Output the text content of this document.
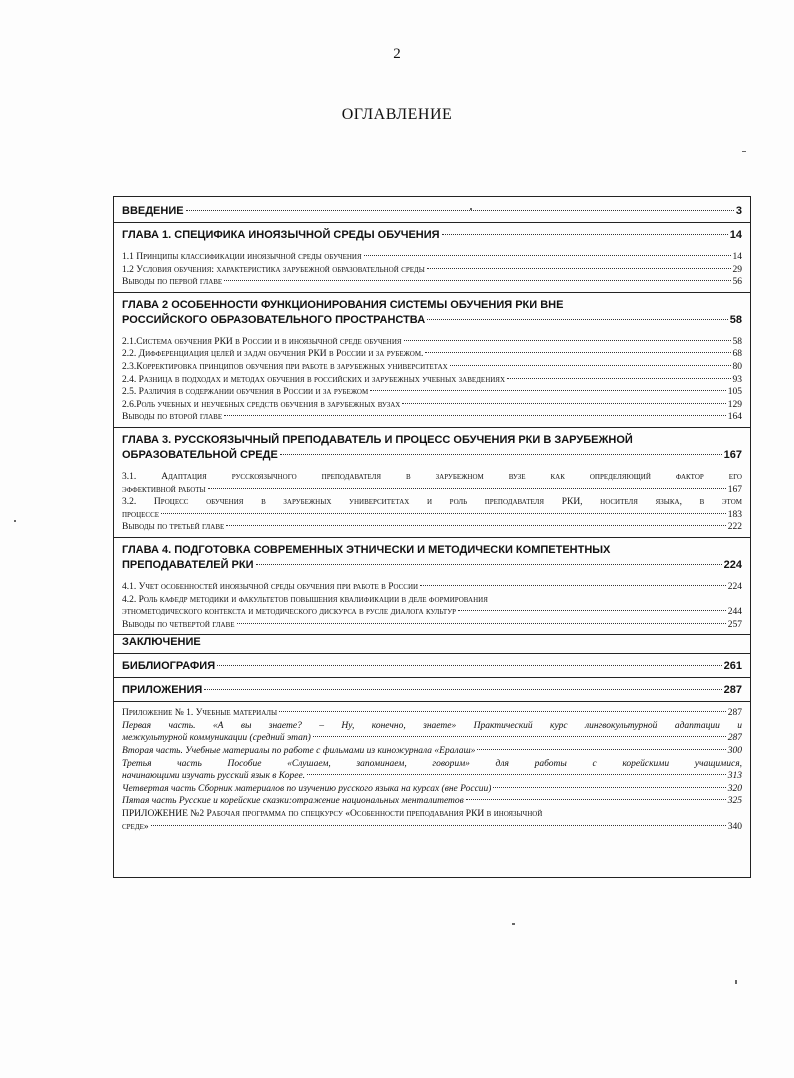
2
ОГЛАВЛЕНИЕ
ВВЕДЕНИЕ	3
ГЛАВА 1. СПЕЦИФИКА ИНОЯЗЫЧНОЙ СРЕДЫ ОБУЧЕНИЯ	14
1.1 Принципы классификации иноязычной среды обучения	14
1.2 Условия обучения: характеристика зарубежной образовательной среды	29
Выводы по первой главе	56
ГЛАВА 2 ОСОБЕННОСТИ ФУНКЦИОНИРОВАНИЯ СИСТЕМЫ ОБУЧЕНИЯ РКИ ВНЕ
РОССИЙСКОГО ОБРАЗОВАТЕЛЬНОГО ПРОСТРАНСТВА	58
2.1.Система обучения РКИ в России и в иноязычной среде обучения	58
2.2. Дифференциация целей и задач обучения РКИ в России и за рубежом.	68
2.3.Корректировка принципов обучения при работе в зарубежных университетах	80
2.4. Разница в подходах и методах обучения в российских и зарубежных учебных заведениях	93
2.5. Различия в содержании обучения в России и за рубежом	105
2.6.Роль учебных и неучебных средств обучения в зарубежных вузах	129
Выводы по второй главе	164
ГЛАВА 3. РУССКОЯЗЫЧНЫЙ ПРЕПОДАВАТЕЛЬ И ПРОЦЕСС ОБУЧЕНИЯ РКИ В ЗАРУБЕЖНОЙ
ОБРАЗОВАТЕЛЬНОЙ СРЕДЕ	167
3.1. Адаптация русскоязычного преподавателя в зарубежном вузе как определяющий фактор его
эффективной работы	167
3.2. Процесс обучения в зарубежных университетах и роль преподавателя РКИ, носителя языка, в этом
процессе	183
Выводы по третьей главе	222
ГЛАВА 4. ПОДГОТОВКА СОВРЕМЕННЫХ ЭТНИЧЕСКИ И МЕТОДИЧЕСКИ КОМПЕТЕНТНЫХ
ПРЕПОДАВАТЕЛЕЙ РКИ	224
4.1. Учет особенностей иноязычной среды обучения при работе в России	224
4.2. Роль кафедр методики и факультетов повышения квалификации в деле формирования
этнометодического контекста и методического дискурса в русле диалога культур	244
Выводы по четвертой главе	257
ЗАКЛЮЧЕНИЕ
БИБЛИОГРАФИЯ	261
ПРИЛОЖЕНИЯ	287
Приложение № 1. Учебные материалы	287
Первая часть. «А вы знаете? – Ну, конечно, знаете» Практический курс лингвокультурной адаптации и
межкультурной коммуникации (средний этап)	287
Вторая часть. Учебные материалы по работе с фильмами из киножурнала «Ералаш»	300
Третья часть Пособие «Слушаем, запоминаем, говорим» для работы с корейскими учащимися,
начинающими изучать русский язык в Корее.	313
Четвертая часть Сборник материалов по изучению русского языка на курсах (вне России)	320
Пятая часть Русские и корейские сказки:отражение национальных менталитетов	325
ПРИЛОЖЕНИЕ №2 Рабочая программа по спецкурсу «Особенности преподавания РКИ в иноязычной
среде»	340
